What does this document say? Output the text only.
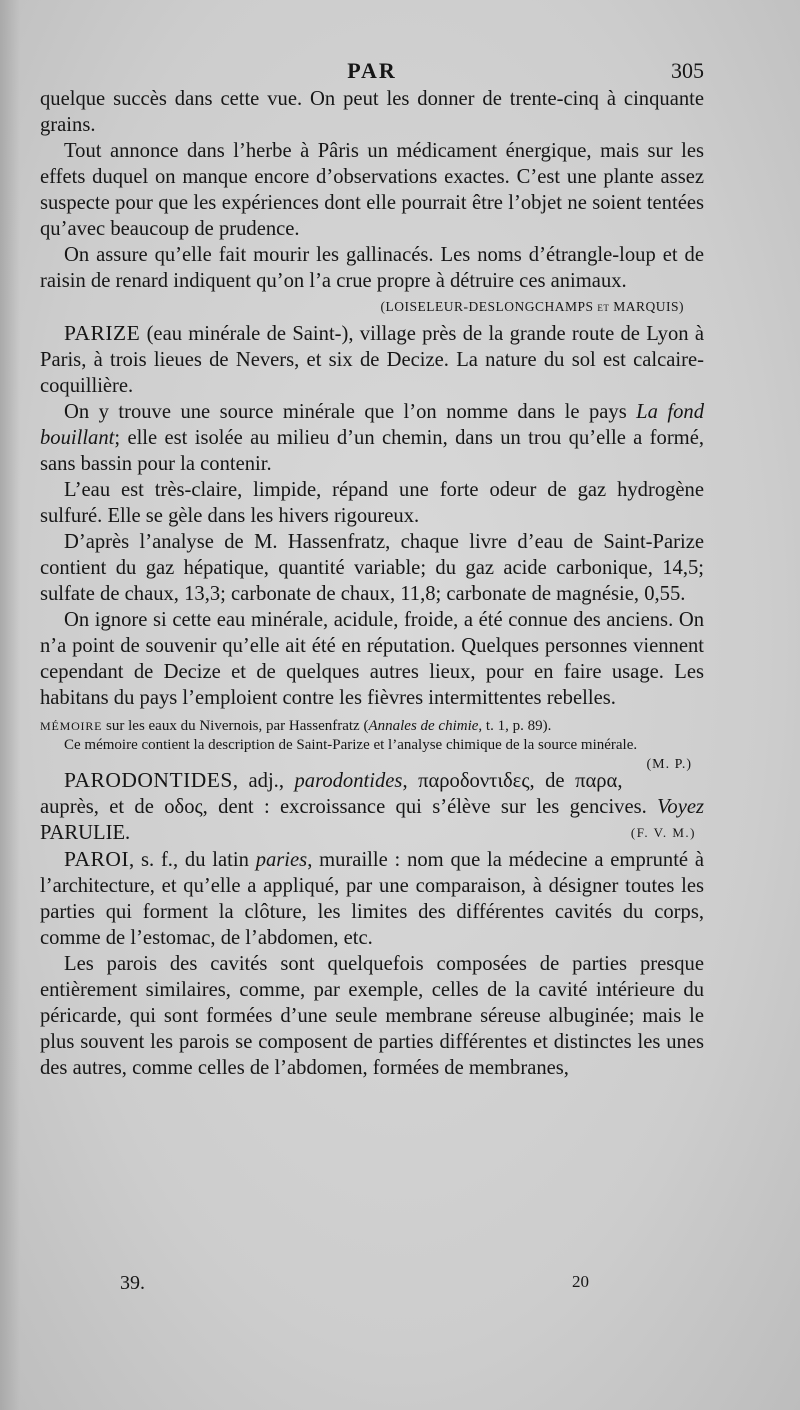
PAR	305

quelque succès dans cette vue. On peut les donner de trente-cinq à cinquante grains.

Tout annonce dans l’herbe à Pâris un médicament énergique, mais sur les effets duquel on manque encore d’observations exactes. C’est une plante assez suspecte pour que les expériences dont elle pourrait être l’objet ne soient tentées qu’avec beaucoup de prudence.

On assure qu’elle fait mourir les gallinacés. Les noms d’étrangle-loup et de raisin de renard indiquent qu’on l’a crue propre à détruire ces animaux.

(LOISELEUR-DESLONGCHAMPS et MARQUIS)

PARIZE (eau minérale de Saint-), village près de la grande route de Lyon à Paris, à trois lieues de Nevers, et six de Decize. La nature du sol est calcaire-coquillière.

On y trouve une source minérale que l’on nomme dans le pays La fond bouillant; elle est isolée au milieu d’un chemin, dans un trou qu’elle a formé, sans bassin pour la contenir.

L’eau est très-claire, limpide, répand une forte odeur de gaz hydrogène sulfuré. Elle se gèle dans les hivers rigoureux.

D’après l’analyse de M. Hassenfratz, chaque livre d’eau de Saint-Parize contient du gaz hépatique, quantité variable; du gaz acide carbonique, 14,5; sulfate de chaux, 13,3; carbonate de chaux, 11,8; carbonate de magnésie, 0,55.

On ignore si cette eau minérale, acidule, froide, a été connue des anciens. On n’a point de souvenir qu’elle ait été en réputation. Quelques personnes viennent cependant de Decize et de quelques autres lieux, pour en faire usage. Les habitans du pays l’emploient contre les fièvres intermittentes rebelles.

MÉMOIRE sur les eaux du Nivernois, par Hassenfratz (Annales de chimie, t. 1, p. 89).

Ce mémoire contient la description de Saint-Parize et l’analyse chimique de la source minérale.
(M. P.)

PARODONTIDES, adj., parodontides, παροδοντιδες, de παρα, auprès, et de οδος, dent : excroissance qui s’élève sur les gencives. Voyez PARULIE.	(F. V. M.)

PAROI, s. f., du latin paries, muraille : nom que la médecine a emprunté à l’architecture, et qu’elle a appliqué, par une comparaison, à désigner toutes les parties qui forment la clôture, les limites des différentes cavités du corps, comme de l’estomac, de l’abdomen, etc.

Les parois des cavités sont quelquefois composées de parties presque entièrement similaires, comme, par exemple, celles de la cavité intérieure du péricarde, qui sont formées d’une seule membrane séreuse albuginée; mais le plus souvent les parois se composent de parties différentes et distinctes les unes des autres, comme celles de l’abdomen, formées de membranes,

39.	20
